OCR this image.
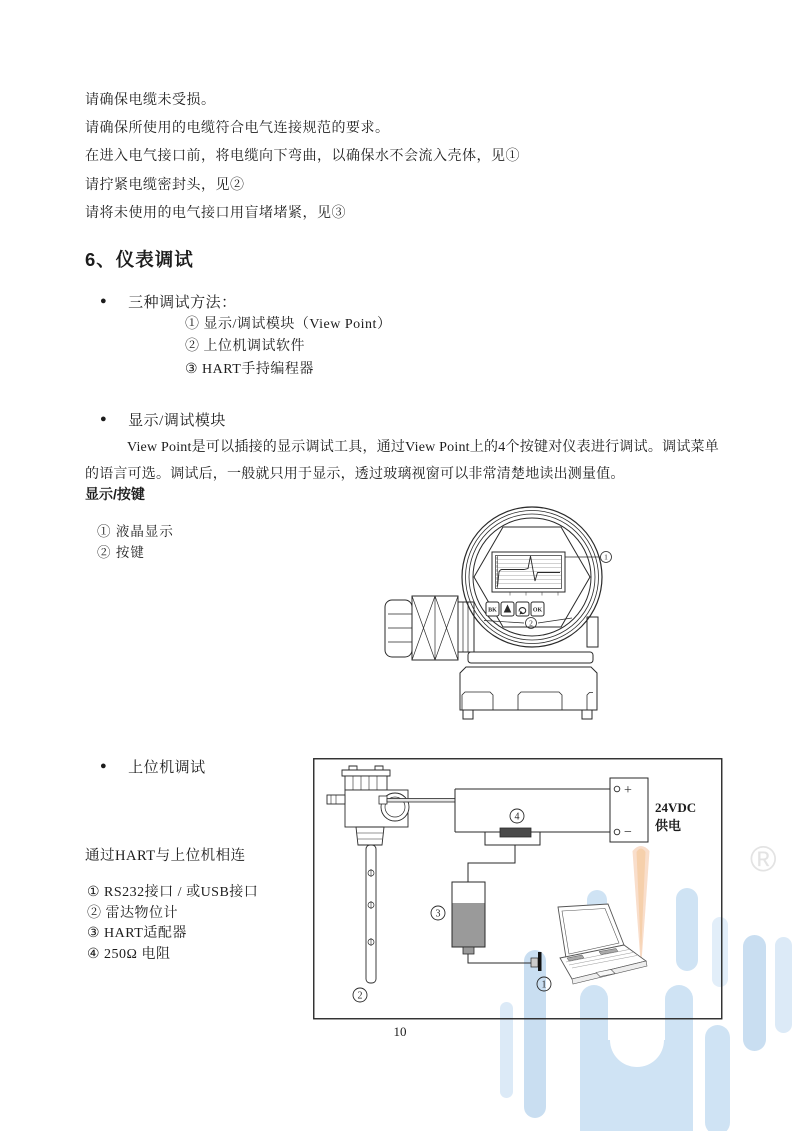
®
请确保电缆未受损。
请确保所使用的电缆符合电气连接规范的要求。
在进入电气接口前，将电缆向下弯曲，以确保水不会流入壳体，见①
请拧紧电缆密封头，见②
请将未使用的电气接口用盲堵堵紧，见③
6、仪表调试
● 三种调试方法：
① 显示/调试模块（View Point）
② 上位机调试软件
③ HART手持编程器
● 显示/调试模块
View Point是可以插接的显示调试工具，通过View Point上的4个按键对仪表进行调试。调试菜单的语言可选。调试后，一般就只用于显示，透过玻璃视窗可以非常清楚地读出测量值。
显示/按键
① 液晶显示
② 按键	1
BK	OK
2
● 上位机调试
通过HART与上位机相连
① RS232接口 / 或USB接口
② 雷达物位计
③ HART适配器
④ 250Ω 电阻
2
4
+
−
24VDC
供电
3
1
10
